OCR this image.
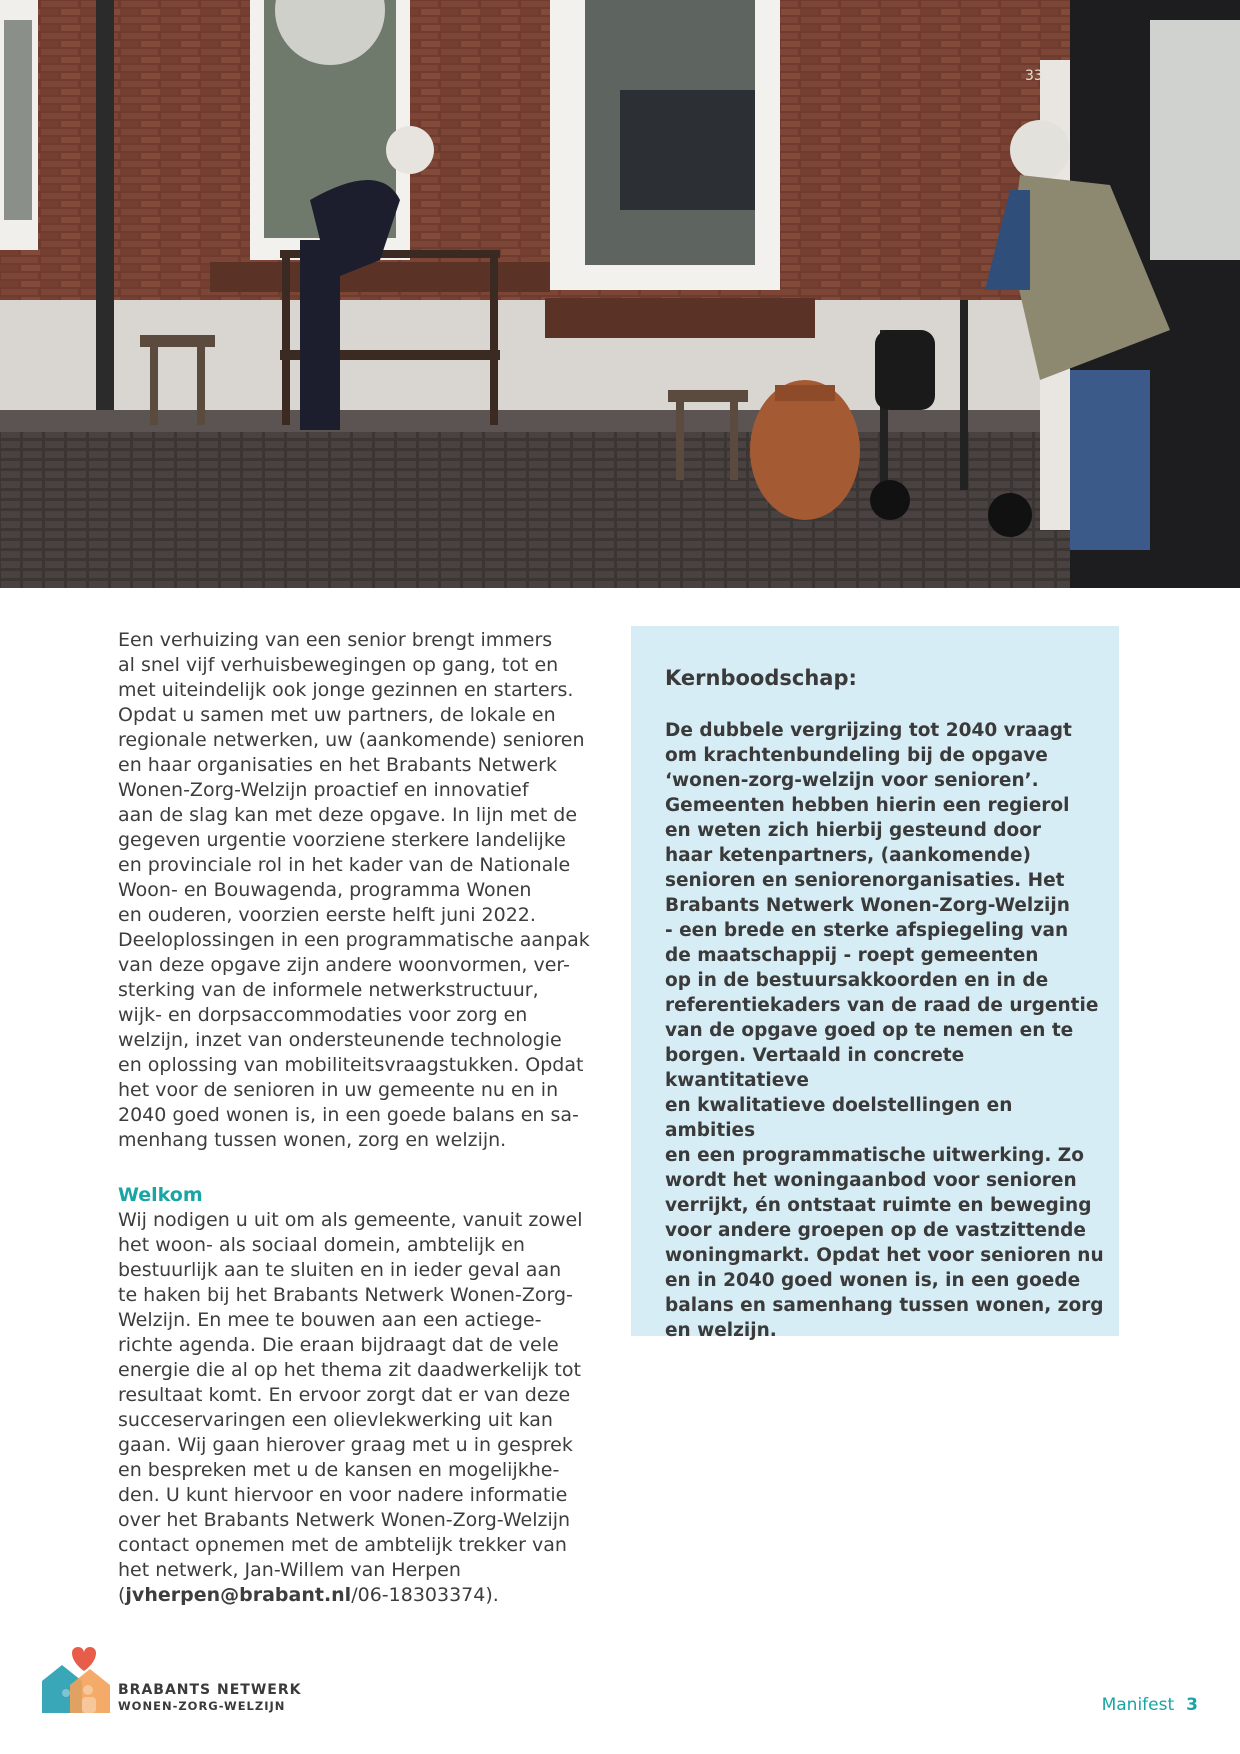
33

Een verhuizing van een senior brengt immers
al snel vijf verhuisbewegingen op gang, tot en
met uiteindelijk ook jonge gezinnen en starters.
Opdat u samen met uw partners, de lokale en
regionale netwerken, uw (aankomende) senioren
en haar organisaties en het Brabants Netwerk
Wonen-Zorg-Welzijn proactief en innovatief
aan de slag kan met deze opgave. In lijn met de
gegeven urgentie voorziene sterkere landelijke
en provinciale rol in het kader van de Nationale
Woon- en Bouwagenda, programma Wonen
en ouderen, voorzien eerste helft juni 2022.
Deeloplossingen in een programmatische aanpak
van deze opgave zijn andere woonvormen, ver-
sterking van de informele netwerkstructuur,
wijk- en dorpsaccommodaties voor zorg en
welzijn, inzet van ondersteunende technologie
en oplossing van mobiliteitsvraagstukken. Opdat
het voor de senioren in uw gemeente nu en in
2040 goed wonen is, in een goede balans en sa-
menhang tussen wonen, zorg en welzijn.

Welkom

Wij nodigen u uit om als gemeente, vanuit zowel
het woon- als sociaal domein, ambtelijk en
bestuurlijk aan te sluiten en in ieder geval aan
te haken bij het Brabants Netwerk Wonen-Zorg-
Welzijn. En mee te bouwen aan een actiege-
richte agenda. Die eraan bijdraagt dat de vele
energie die al op het thema zit daadwerkelijk tot
resultaat komt. En ervoor zorgt dat er van deze
succeservaringen een olievlekwerking uit kan
gaan. Wij gaan hierover graag met u in gesprek
en bespreken met u de kansen en mogelijkhe-
den. U kunt hiervoor en voor nadere informatie
over het Brabants Netwerk Wonen-Zorg-Welzijn
contact opnemen met de ambtelijk trekker van
het netwerk, Jan-Willem van Herpen
(jvherpen@brabant.nl/06-18303374).

Kernboodschap:

De dubbele vergrijzing tot 2040 vraagt
om krachtenbundeling bij de opgave
‘wonen-zorg-welzijn voor senioren’.
Gemeenten hebben hierin een regierol
en weten zich hierbij gesteund door
haar ketenpartners, (aankomende)
senioren en seniorenorganisaties. Het
Brabants Netwerk Wonen-Zorg-Welzijn
- een brede en sterke afspiegeling van
de maatschappij - roept gemeenten
op in de bestuursakkoorden en in de
referentiekaders van de raad de urgentie
van de opgave goed op te nemen en te
borgen. Vertaald in concrete kwantitatieve
en kwalitatieve doelstellingen en ambities
en een programmatische uitwerking. Zo
wordt het woningaanbod voor senioren
verrijkt, én ontstaat ruimte en beweging
voor andere groepen op de vastzittende
woningmarkt. Opdat het voor senioren nu
en in 2040 goed wonen is, in een goede
balans en samenhang tussen wonen, zorg
en welzijn.

BRABANTS NETWERK
WONEN-ZORG-WELZIJN	Manifest 3
